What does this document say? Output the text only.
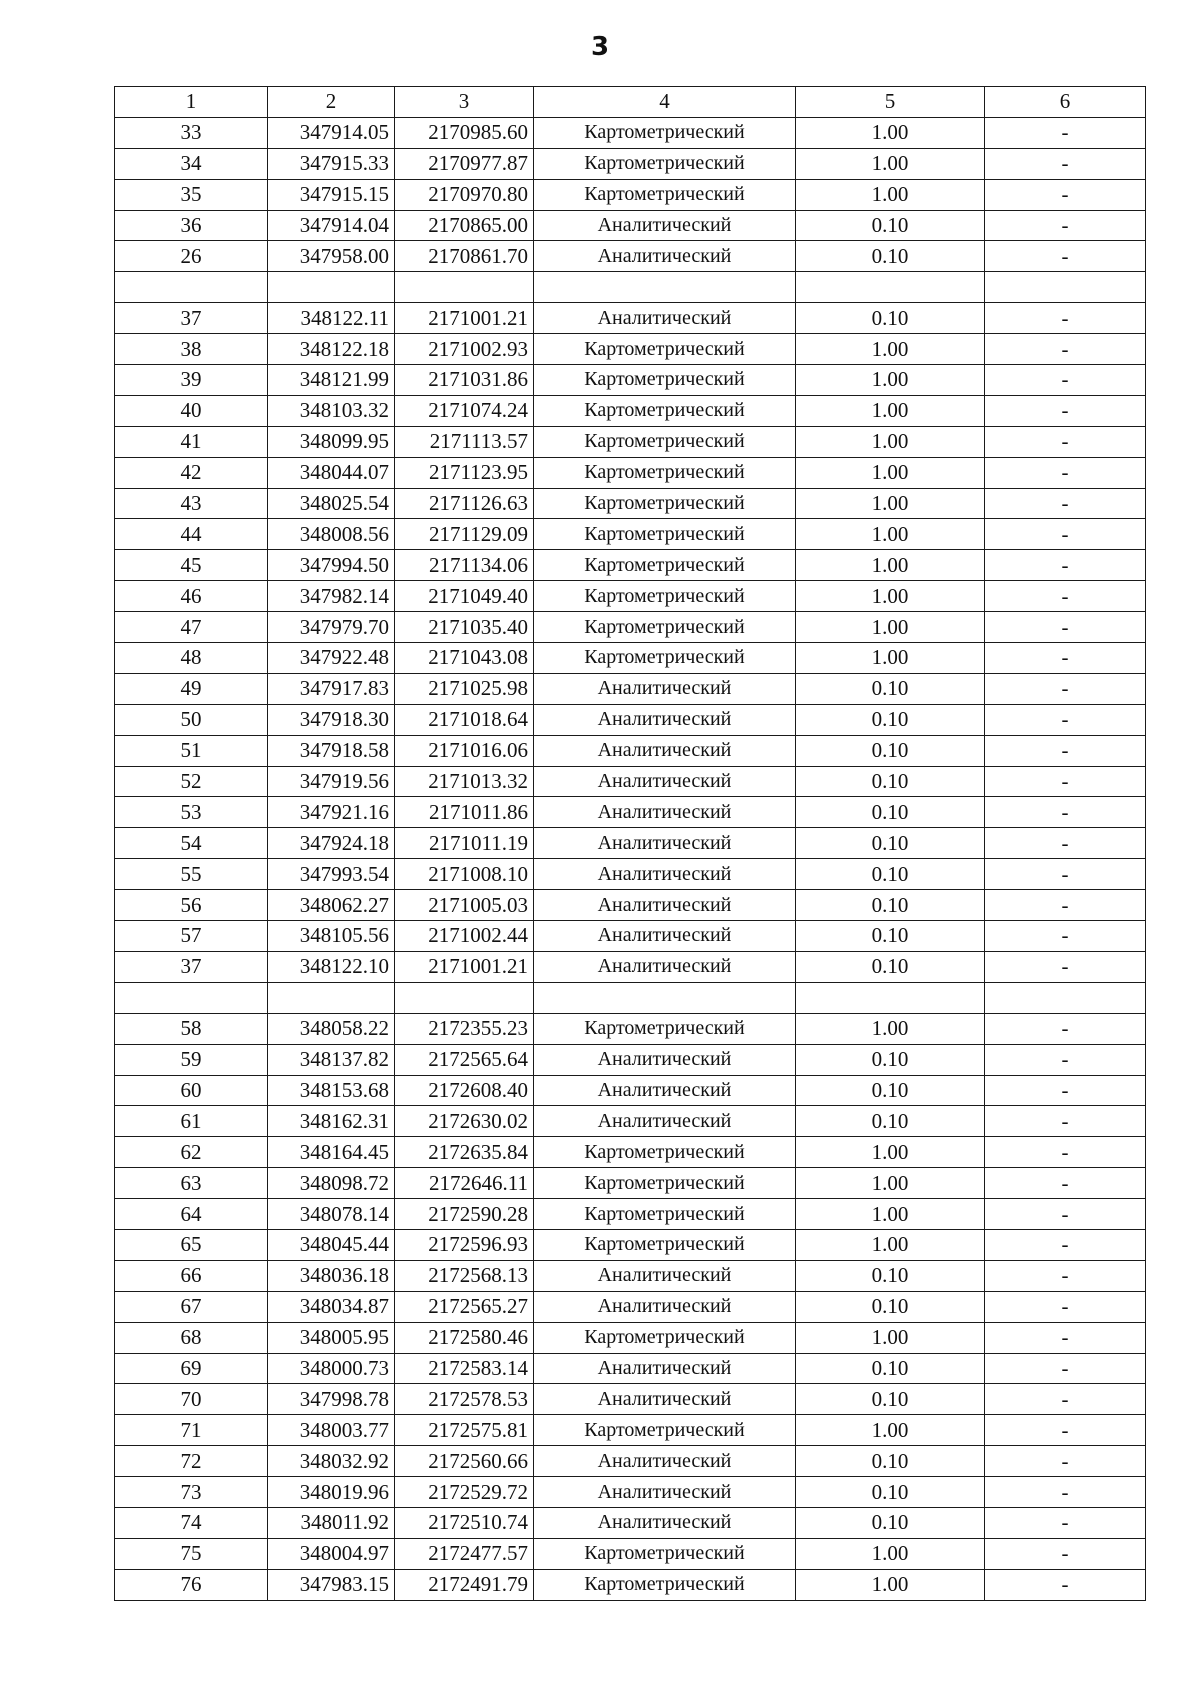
3
1	2	3	4	5	6
33	347914.05	2170985.60	Картометрический	1.00	-
34	347915.33	2170977.87	Картометрический	1.00	-
35	347915.15	2170970.80	Картометрический	1.00	-
36	347914.04	2170865.00	Аналитический	0.10	-
26	347958.00	2170861.70	Аналитический	0.10	-

37	348122.11	2171001.21	Аналитический	0.10	-
38	348122.18	2171002.93	Картометрический	1.00	-
39	348121.99	2171031.86	Картометрический	1.00	-
40	348103.32	2171074.24	Картометрический	1.00	-
41	348099.95	2171113.57	Картометрический	1.00	-
42	348044.07	2171123.95	Картометрический	1.00	-
43	348025.54	2171126.63	Картометрический	1.00	-
44	348008.56	2171129.09	Картометрический	1.00	-
45	347994.50	2171134.06	Картометрический	1.00	-
46	347982.14	2171049.40	Картометрический	1.00	-
47	347979.70	2171035.40	Картометрический	1.00	-
48	347922.48	2171043.08	Картометрический	1.00	-
49	347917.83	2171025.98	Аналитический	0.10	-
50	347918.30	2171018.64	Аналитический	0.10	-
51	347918.58	2171016.06	Аналитический	0.10	-
52	347919.56	2171013.32	Аналитический	0.10	-
53	347921.16	2171011.86	Аналитический	0.10	-
54	347924.18	2171011.19	Аналитический	0.10	-
55	347993.54	2171008.10	Аналитический	0.10	-
56	348062.27	2171005.03	Аналитический	0.10	-
57	348105.56	2171002.44	Аналитический	0.10	-
37	348122.10	2171001.21	Аналитический	0.10	-

58	348058.22	2172355.23	Картометрический	1.00	-
59	348137.82	2172565.64	Аналитический	0.10	-
60	348153.68	2172608.40	Аналитический	0.10	-
61	348162.31	2172630.02	Аналитический	0.10	-
62	348164.45	2172635.84	Картометрический	1.00	-
63	348098.72	2172646.11	Картометрический	1.00	-
64	348078.14	2172590.28	Картометрический	1.00	-
65	348045.44	2172596.93	Картометрический	1.00	-
66	348036.18	2172568.13	Аналитический	0.10	-
67	348034.87	2172565.27	Аналитический	0.10	-
68	348005.95	2172580.46	Картометрический	1.00	-
69	348000.73	2172583.14	Аналитический	0.10	-
70	347998.78	2172578.53	Аналитический	0.10	-
71	348003.77	2172575.81	Картометрический	1.00	-
72	348032.92	2172560.66	Аналитический	0.10	-
73	348019.96	2172529.72	Аналитический	0.10	-
74	348011.92	2172510.74	Аналитический	0.10	-
75	348004.97	2172477.57	Картометрический	1.00	-
76	347983.15	2172491.79	Картометрический	1.00	-
